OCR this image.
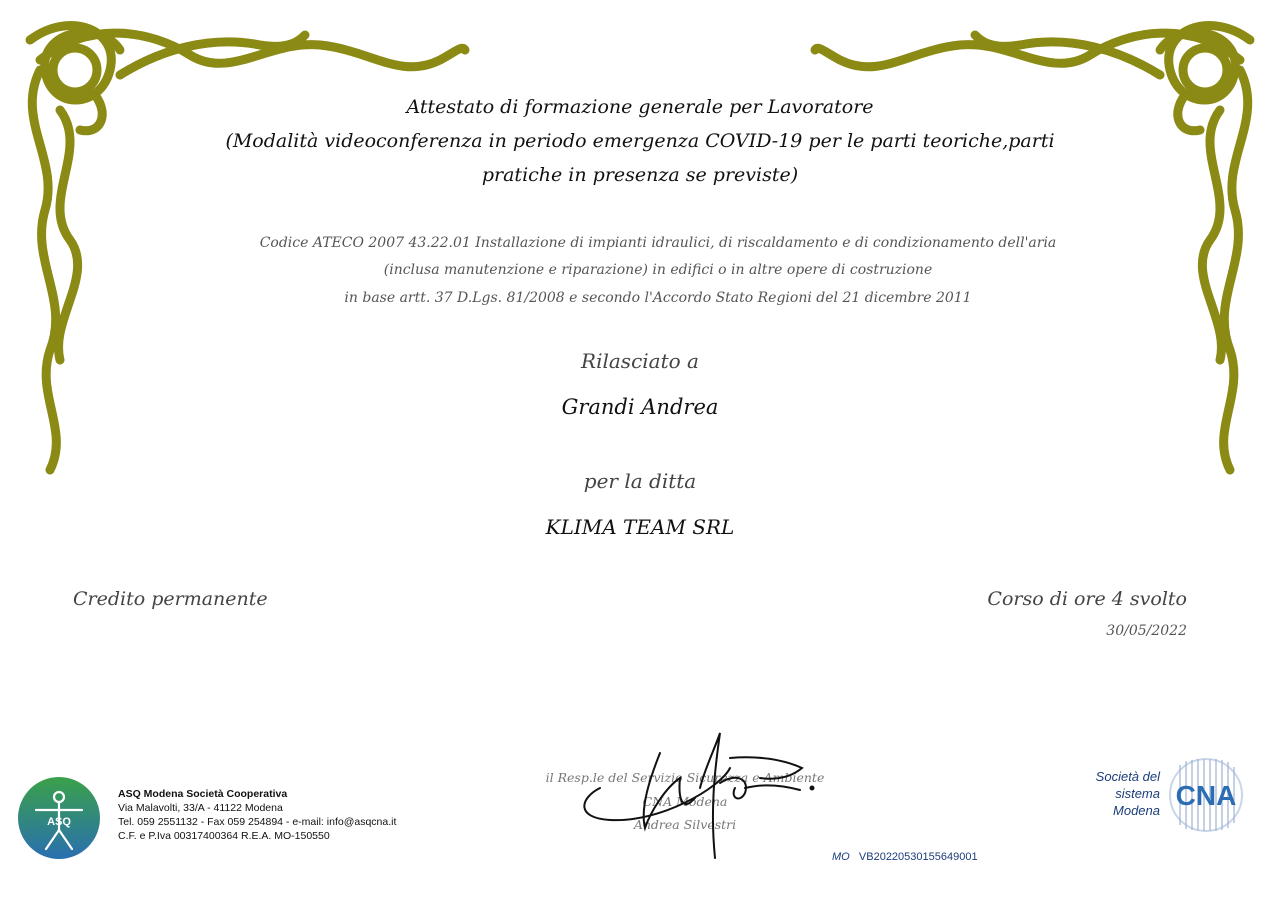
Attestato di formazione generale per Lavoratore
(Modalità videoconferenza in periodo emergenza COVID-19 per le parti teoriche,parti
pratiche in presenza se previste)
Codice ATECO 2007 43.22.01 Installazione di impianti idraulici, di riscaldamento e di condizionamento dell'aria
(inclusa manutenzione e riparazione) in edifici o in altre opere di costruzione
in base artt. 37 D.Lgs. 81/2008 e secondo l'Accordo Stato Regioni del 21 dicembre 2011
Rilasciato a
Grandi Andrea
per la ditta
KLIMA TEAM SRL
Credito permanente	Corso di ore 4 svolto
30/05/2022
il Resp.le del Servizio Sicurezza e Ambiente
CNA Modena
Andrea Silvestri
ASQ
ASQ Modena Società Cooperativa
Via Malavolti, 33/A - 41122 Modena
Tel. 059 2551132 - Fax 059 254894 - e-mail: info@asqcna.it
C.F. e P.Iva 00317400364 R.E.A. MO-150550
Società del
sistema
Modena CNA
MO VB20220530155649001
